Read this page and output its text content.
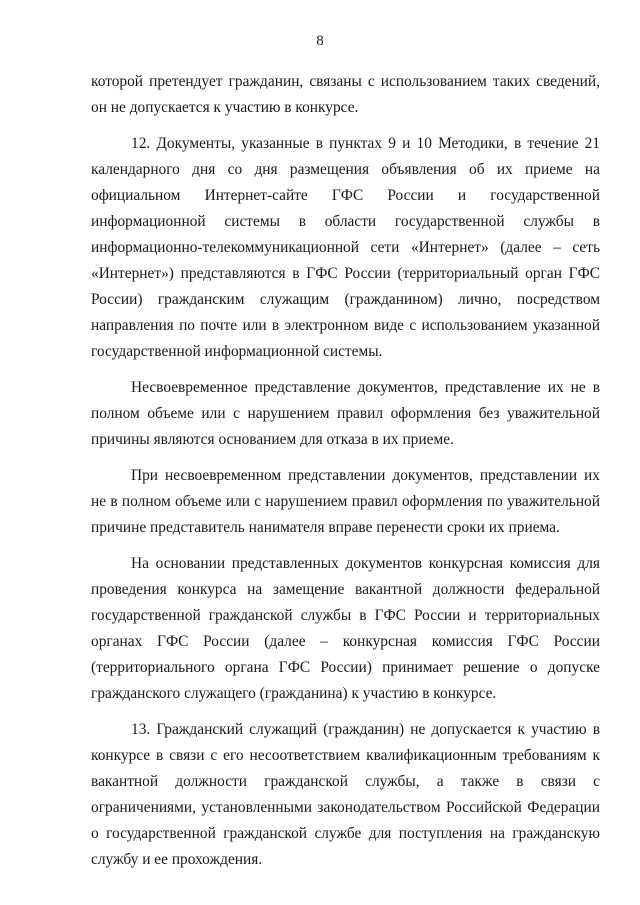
8

которой претендует гражданин, связаны с использованием таких сведений, он не допускается к участию в конкурсе.

12. Документы, указанные в пунктах 9 и 10 Методики, в течение 21 календарного дня со дня размещения объявления об их приеме на официальном Интернет-сайте ГФС России и государственной информационной системы в области государственной службы в информационно-телекоммуникационной сети «Интернет» (далее – сеть «Интернет») представляются в ГФС России (территориальный орган ГФС России) гражданским служащим (гражданином) лично, посредством направления по почте или в электронном виде с использованием указанной государственной информационной системы.

Несвоевременное представление документов, представление их не в полном объеме или с нарушением правил оформления без уважительной причины являются основанием для отказа в их приеме.

При несвоевременном представлении документов, представлении их не в полном объеме или с нарушением правил оформления по уважительной причине представитель нанимателя вправе перенести сроки их приема.

На основании представленных документов конкурсная комиссия для проведения конкурса на замещение вакантной должности федеральной государственной гражданской службы в ГФС России и территориальных органах ГФС России (далее – конкурсная комиссия ГФС России (территориального органа ГФС России) принимает решение о допуске гражданского служащего (гражданина) к участию в конкурсе.

13. Гражданский служащий (гражданин) не допускается к участию в конкурсе в связи с его несоответствием квалификационным требованиям к вакантной должности гражданской службы, а также в связи с ограничениями, установленными законодательством Российской Федерации о государственной гражданской службе для поступления на гражданскую службу и ее прохождения.
